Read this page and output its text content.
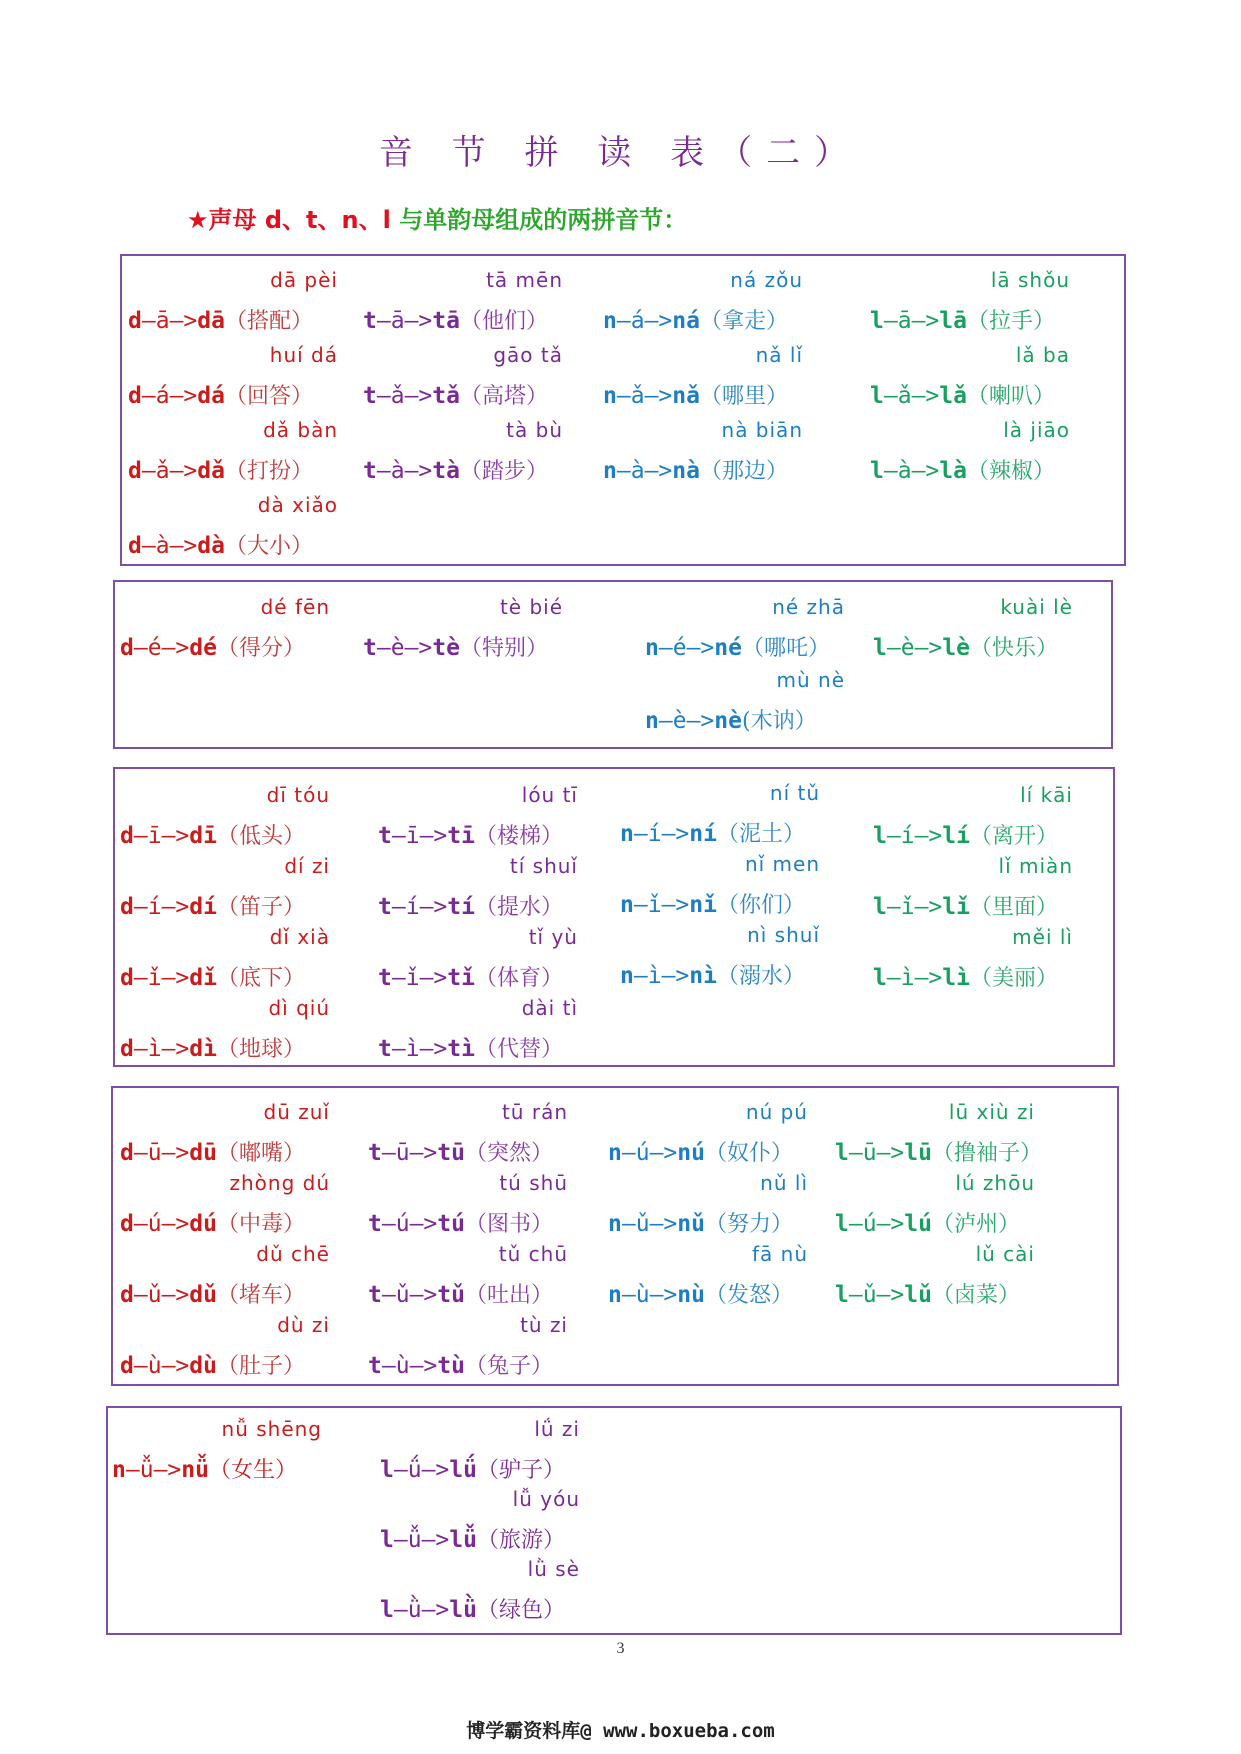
音 节 拼 读 表（二）
★声母 d、t、n、l 与单韵母组成的两拼音节：
dā pèi
d—ā—>dā（搭配）
huí dá
d—á—>dá（回答）
dǎ bàn
d—ǎ—>dǎ（打扮）
dà xiǎo
d—à—>dà（大小）
tā mēn
t—ā—>tā（他们）
gāo tǎ
t—ǎ—>tǎ（高塔）
tà bù
t—à—>tà（踏步）
ná zǒu
n—á—>ná（拿走）
nǎ lǐ
n—ǎ—>nǎ（哪里）
nà biān
n—à—>nà（那边）
lā shǒu
l—ā—>lā（拉手）
lǎ ba
l—ǎ—>lǎ（喇叭）
là jiāo
l—à—>là（辣椒）
dé fēn
d—é—>dé（得分）
tè bié
t—è—>tè（特别）
né zhā
n—é—>né（哪吒）
mù nè
n—è—>nè(木讷）
kuài lè
l—è—>lè（快乐）
dī tóu
d—ī—>dī（低头）
dí zi
d—í—>dí（笛子）
dǐ xià
d—ǐ—>dǐ（底下）
dì qiú
d—ì—>dì（地球）
lóu tī
t—ī—>tī（楼梯）
tí shuǐ
t—í—>tí（提水）
tǐ yù
t—ǐ—>tǐ（体育）
dài tì
t—ì—>tì（代替）
ní tǔ
n—í—>ní（泥土）
nǐ men
n—ǐ—>nǐ（你们）
nì shuǐ
n—ì—>nì（溺水）
lí kāi
l—í—>lí（离开）
lǐ miàn
l—ǐ—>lǐ（里面）
měi lì
l—ì—>lì（美丽）
dū zuǐ
d—ū—>dū（嘟嘴）
zhòng dú
d—ú—>dú（中毒）
dǔ chē
d—ǔ—>dǔ（堵车）
dù zi
d—ù—>dù（肚子）
tū rán
t—ū—>tū（突然）
tú shū
t—ú—>tú（图书）
tǔ chū
t—ǔ—>tǔ（吐出）
tù zi
t—ù—>tù（兔子）
nú pú
n—ú—>nú（奴仆）
nǔ lì
n—ǔ—>nǔ（努力）
fā nù
n—ù—>nù（发怒）
lū xiù zi
l—ū—>lū（撸袖子）
lú zhōu
l—ú—>lú（泸州）
lǔ cài
l—ǔ—>lǔ（卤菜）
nǚ shēng
n—ǚ—>nǚ（女生）
lǘ zi
l—ǘ—>lǘ（驴子）
lǚ yóu
l—ǚ—>lǚ（旅游）
lǜ sè
l—ǜ—>lǜ（绿色）
3
博学霸资料库@ www.boxueba.com
